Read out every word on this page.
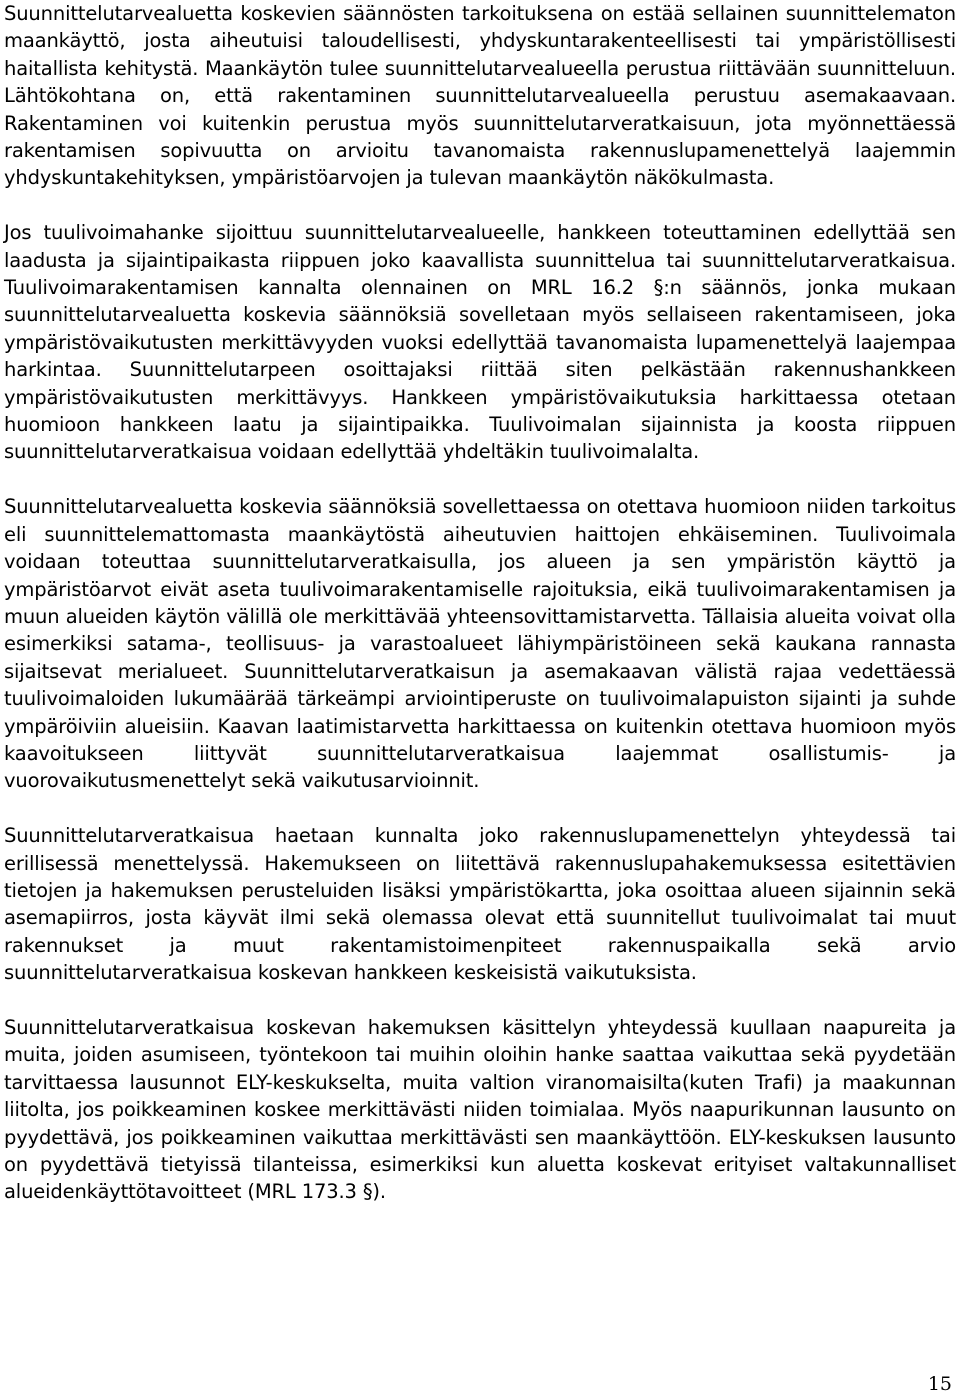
Suunnittelutarvealuetta koskevien säännösten tarkoituksena on estää sellainen suunnittelematon maankäyttö, josta aiheutuisi taloudellisesti, yhdyskuntarakenteellisesti tai ympäristöllisesti haitallista kehitystä. Maankäytön tulee suunnittelutarvealueella perustua riittävään suunnitteluun. Lähtökohtana on, että rakentaminen suunnittelutarvealueella perustuu asemakaavaan. Rakentaminen voi kuitenkin perustua myös suunnittelutarveratkaisuun, jota myönnettäessä rakentamisen sopivuutta on arvioitu tavanomaista rakennuslupamenettelyä laajemmin yhdyskuntakehityksen, ympäristöarvojen ja tulevan maankäytön näkökulmasta.

Jos tuulivoimahanke sijoittuu suunnittelutarvealueelle, hankkeen toteuttaminen edellyttää sen laadusta ja sijaintipaikasta riippuen joko kaavallista suunnittelua tai suunnittelutarveratkaisua. Tuulivoimarakentamisen kannalta olennainen on MRL 16.2 §:n säännös, jonka mukaan suunnittelutarvealuetta koskevia säännöksiä sovelletaan myös sellaiseen rakentamiseen, joka ympäristövaikutusten merkittävyyden vuoksi edellyttää tavanomaista lupamenettelyä laajempaa harkintaa. Suunnittelutarpeen osoittajaksi riittää siten pelkästään rakennushankkeen ympäristövaikutusten merkittävyys. Hankkeen ympäristövaikutuksia harkittaessa otetaan huomioon hankkeen laatu ja sijaintipaikka. Tuulivoimalan sijainnista ja koosta riippuen suunnittelutarveratkaisua voidaan edellyttää yhdeltäkin tuulivoimalalta.

Suunnittelutarvealuetta koskevia säännöksiä sovellettaessa on otettava huomioon niiden tarkoitus eli suunnittelemattomasta maankäytöstä aiheutuvien haittojen ehkäiseminen. Tuulivoimala voidaan toteuttaa suunnittelutarveratkaisulla, jos alueen ja sen ympäristön käyttö ja ympäristöarvot eivät aseta tuulivoimarakentamiselle rajoituksia, eikä tuulivoimarakentamisen ja muun alueiden käytön välillä ole merkittävää yhteensovittamistarvetta. Tällaisia alueita voivat olla esimerkiksi satama-, teollisuus- ja varastoalueet lähiympäristöineen sekä kaukana rannasta sijaitsevat merialueet. Suunnittelutarveratkaisun ja asemakaavan välistä rajaa vedettäessä tuulivoimaloiden lukumäärää tärkeämpi arviointiperuste on tuulivoimalapuiston sijainti ja suhde ympäröiviin alueisiin. Kaavan laatimistarvetta harkittaessa on kuitenkin otettava huomioon myös kaavoitukseen liittyvät suunnittelutarveratkaisua laajemmat osallistumis- ja vuorovaikutusmenettelyt sekä vaikutusarvioinnit.

Suunnittelutarveratkaisua haetaan kunnalta joko rakennuslupamenettelyn yhteydessä tai erillisessä menettelyssä. Hakemukseen on liitettävä rakennuslupahakemuksessa esitettävien tietojen ja hakemuksen perusteluiden lisäksi ympäristökartta, joka osoittaa alueen sijainnin sekä asemapiirros, josta käyvät ilmi sekä olemassa olevat että suunnitellut tuulivoimalat tai muut rakennukset ja muut rakentamistoimenpiteet rakennuspaikalla sekä arvio suunnittelutarveratkaisua koskevan hankkeen keskeisistä vaikutuksista.

Suunnittelutarveratkaisua koskevan hakemuksen käsittelyn yhteydessä kuullaan naapureita ja muita, joiden asumiseen, työntekoon tai muihin oloihin hanke saattaa vaikuttaa sekä pyydetään tarvittaessa lausunnot ELY-keskukselta, muita valtion viranomaisilta(kuten Trafi) ja maakunnan liitolta, jos poikkeaminen koskee merkittävästi niiden toimialaa. Myös naapurikunnan lausunto on pyydettävä, jos poikkeaminen vaikuttaa merkittävästi sen maankäyttöön. ELY-keskuksen lausunto on pyydettävä tietyissä tilanteissa, esimerkiksi kun aluetta koskevat erityiset valtakunnalliset alueidenkäyttötavoitteet (MRL 173.3 §).

15
